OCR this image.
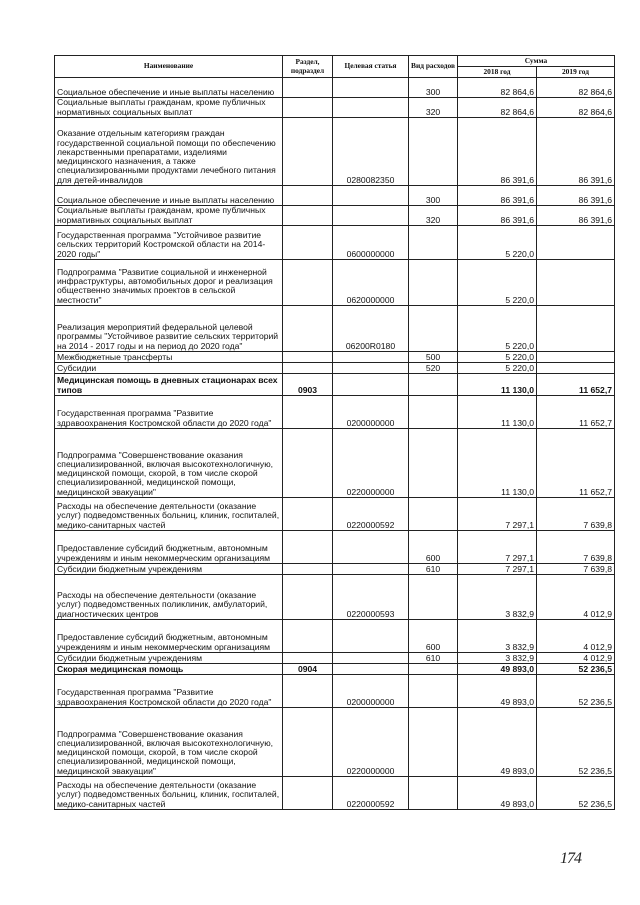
Наименование	Раздел, подраздел	Целевая статья	Вид расходов	Сумма	
				2018 год	2019 год
Социальное обеспечение и иные выплаты населению			300	82 864,6	82 864,6
Социальные выплаты гражданам, кроме публичных нормативных социальных выплат			320	82 864,6	82 864,6
Оказание отдельным категориям граждан государственной социальной помощи по обеспечению лекарственными препаратами, изделиями медицинского назначения, а также специализированными продуктами лечебного питания для детей-инвалидов		0280082350		86 391,6	86 391,6
Социальное обеспечение и иные выплаты населению			300	86 391,6	86 391,6
Социальные выплаты гражданам, кроме публичных нормативных социальных выплат			320	86 391,6	86 391,6
Государственная программа "Устойчивое развитие сельских территорий Костромской области на 2014-2020 годы"		0600000000		5 220,0	
Подпрограмма "Развитие социальной и инженерной инфраструктуры, автомобильных дорог и реализация общественно значимых проектов в сельской местности"		0620000000		5 220,0	
Реализация мероприятий федеральной целевой программы "Устойчивое развитие сельских территорий на 2014 - 2017 годы и на период до 2020 года"		06200R0180		5 220,0	
Межбюджетные трансферты			500	5 220,0	
Субсидии			520	5 220,0	
Медицинская помощь в дневных стационарах всех типов	0903			11 130,0	11 652,7
Государственная программа "Развитие здравоохранения Костромской области до 2020 года"		0200000000		11 130,0	11 652,7
Подпрограмма "Совершенствование оказания специализированной, включая высокотехнологичную, медицинской помощи, скорой, в том числе скорой специализированной, медицинской помощи, медицинской эвакуации"		0220000000		11 130,0	11 652,7
Расходы на обеспечение деятельности (оказание услуг) подведомственных больниц, клиник, госпиталей, медико-санитарных частей		0220000592		7 297,1	7 639,8
Предоставление субсидий бюджетным, автономным учреждениям и иным некоммерческим организациям			600	7 297,1	7 639,8
Субсидии бюджетным учреждениям			610	7 297,1	7 639,8
Расходы на обеспечение деятельности (оказание услуг) подведомственных поликлиник, амбулаторий, диагностических центров		0220000593		3 832,9	4 012,9
Предоставление субсидий бюджетным, автономным учреждениям и иным некоммерческим организациям			600	3 832,9	4 012,9
Субсидии бюджетным учреждениям			610	3 832,9	4 012,9
Скорая медицинская помощь	0904			49 893,0	52 236,5
Государственная программа "Развитие здравоохранения Костромской области до 2020 года"		0200000000		49 893,0	52 236,5
Подпрограмма "Совершенствование оказания специализированной, включая высокотехнологичную, медицинской помощи, скорой, в том числе скорой специализированной, медицинской помощи, медицинской эвакуации"		0220000000		49 893,0	52 236,5
Расходы на обеспечение деятельности (оказание услуг) подведомственных больниц, клиник, госпиталей, медико-санитарных частей		0220000592		49 893,0	52 236,5
174
